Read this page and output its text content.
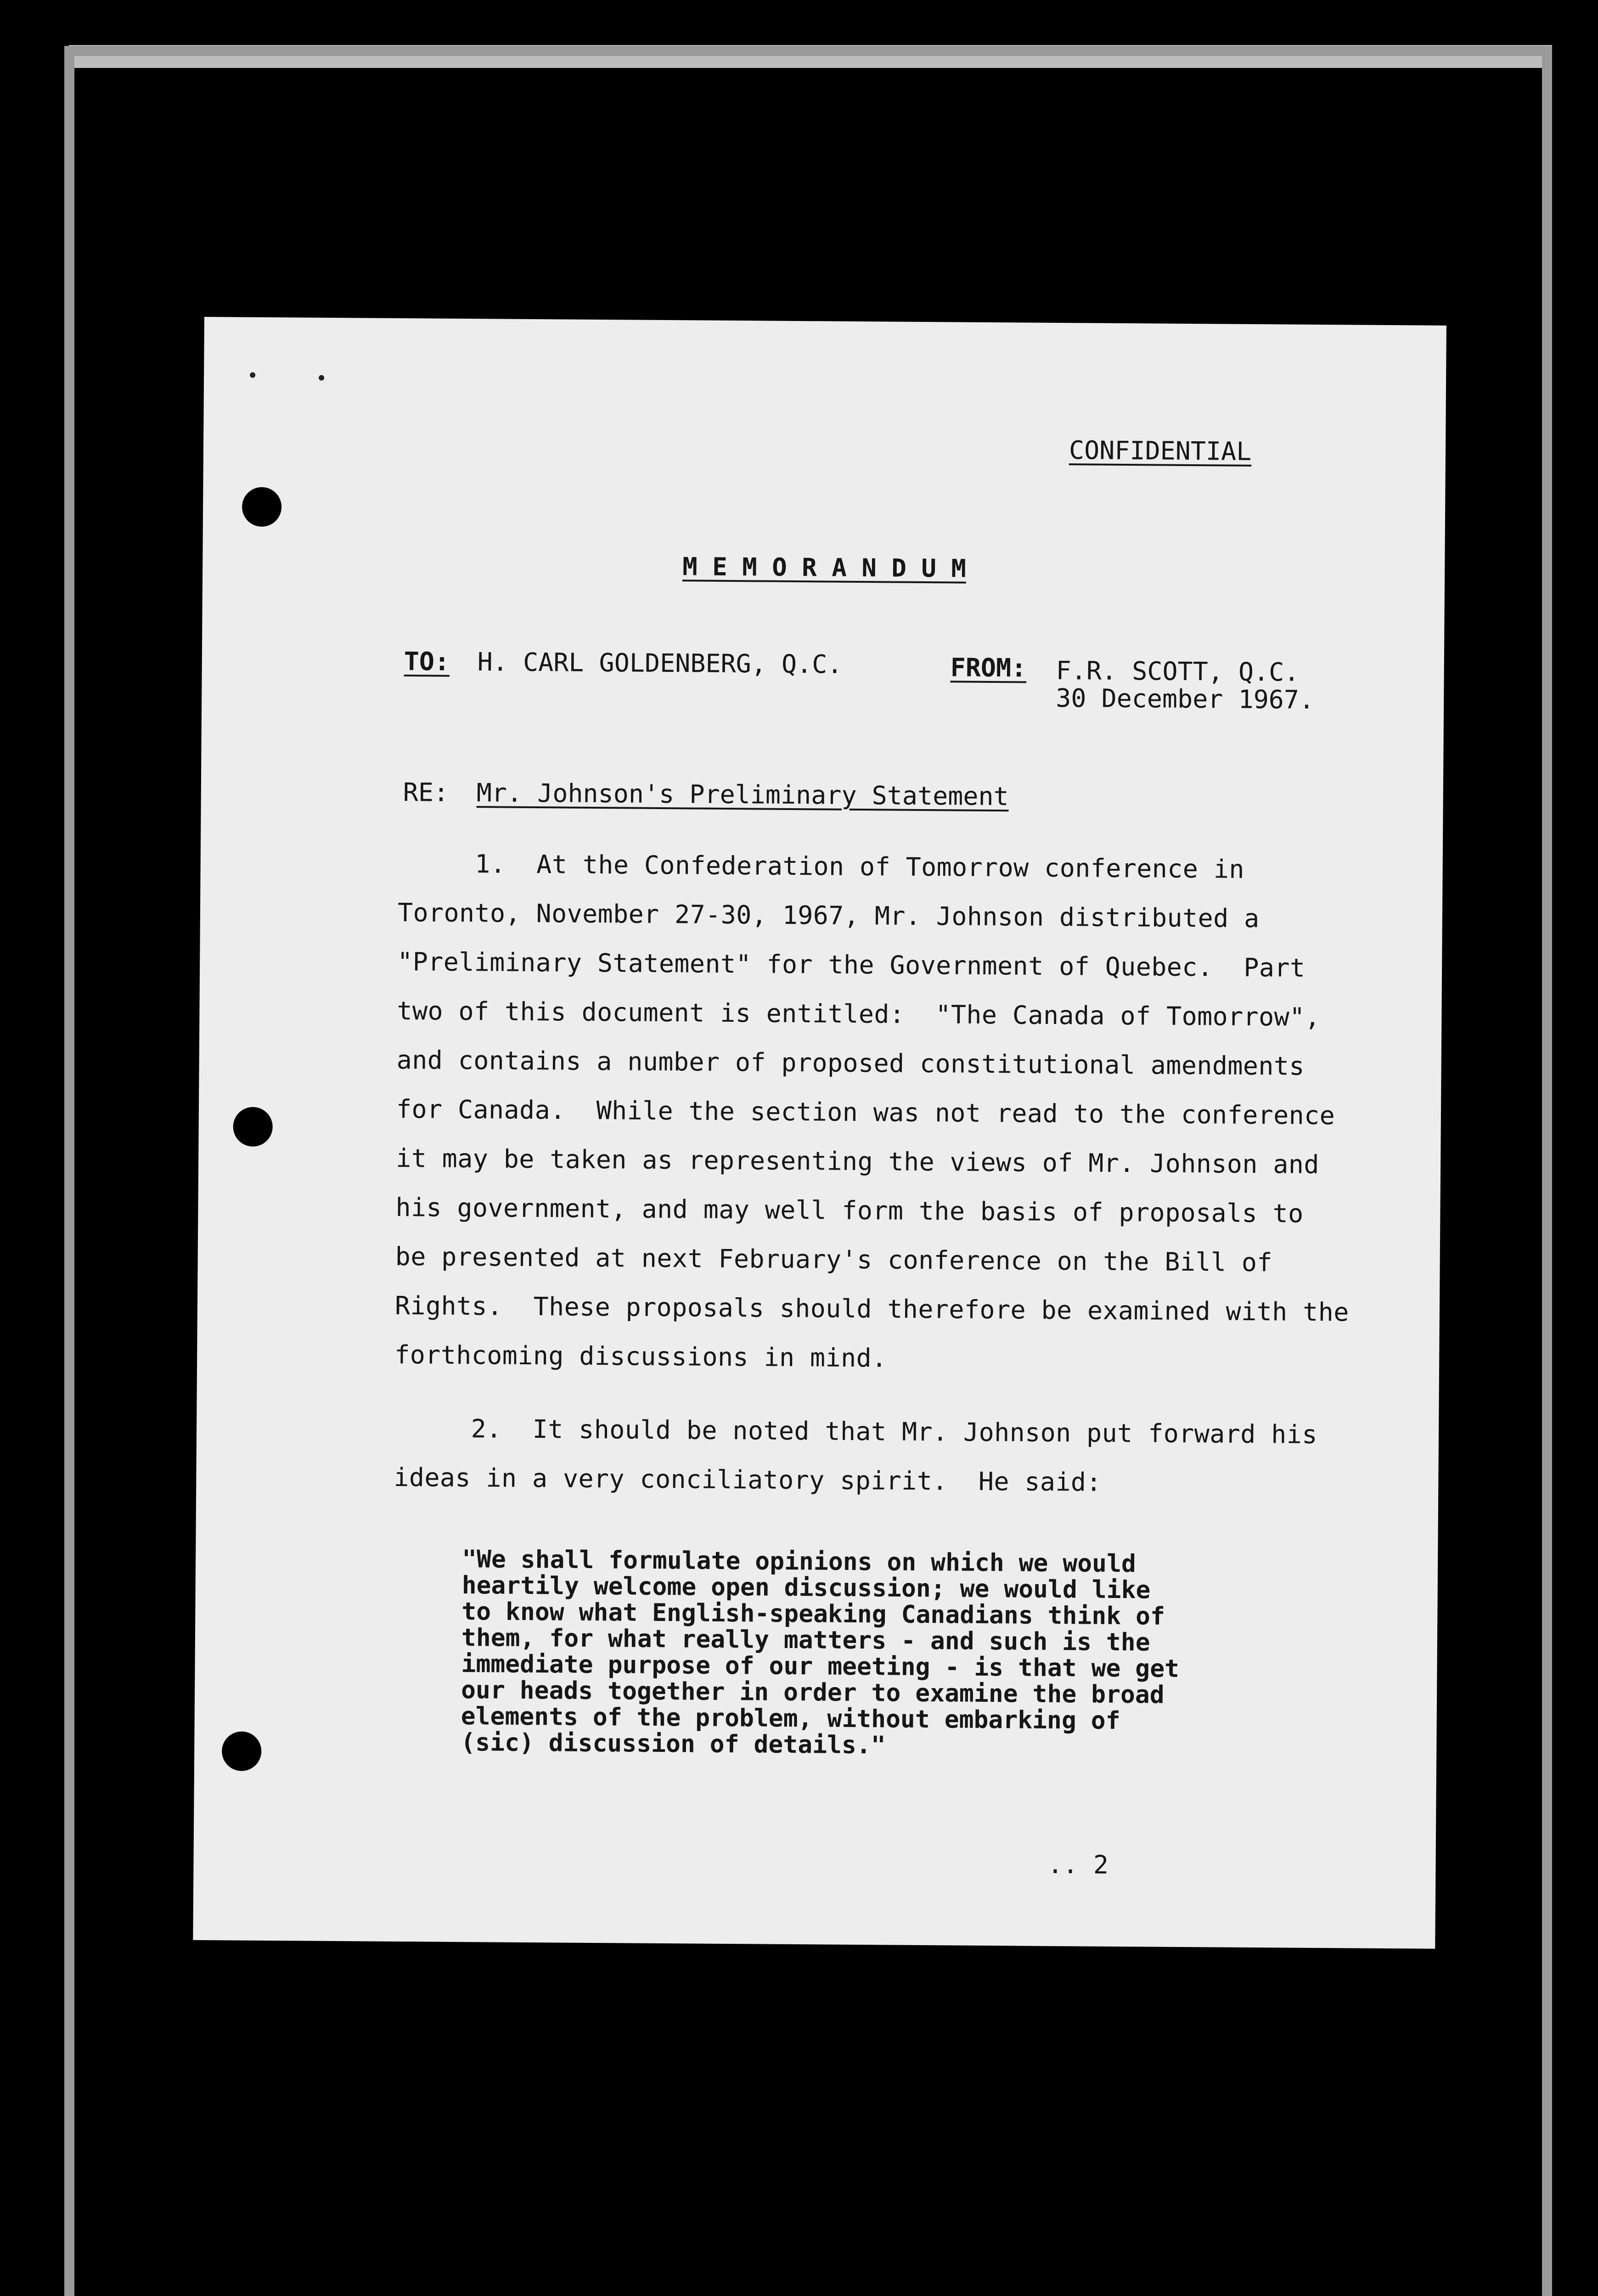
CONFIDENTIAL
M E M O R A N D U M
TO: H. CARL GOLDENBERG, Q.C.	FROM: F.R. SCOTT, Q.C.
30 December 1967.
RE: Mr. Johnson's Preliminary Statement
1.  At the Confederation of Tomorrow conference in
Toronto, November 27-30, 1967, Mr. Johnson distributed a
"Preliminary Statement" for the Government of Quebec.  Part
two of this document is entitled:  "The Canada of Tomorrow",
and contains a number of proposed constitutional amendments
for Canada.  While the section was not read to the conference
it may be taken as representing the views of Mr. Johnson and
his government, and may well form the basis of proposals to
be presented at next February's conference on the Bill of
Rights.  These proposals should therefore be examined with the
forthcoming discussions in mind.
2.  It should be noted that Mr. Johnson put forward his
ideas in a very conciliatory spirit.  He said:
"We shall formulate opinions on which we would
heartily welcome open discussion; we would like
to know what English-speaking Canadians think of
them, for what really matters - and such is the
immediate purpose of our meeting - is that we get
our heads together in order to examine the broad
elements of the problem, without embarking of
(sic) discussion of details."
.. 2
